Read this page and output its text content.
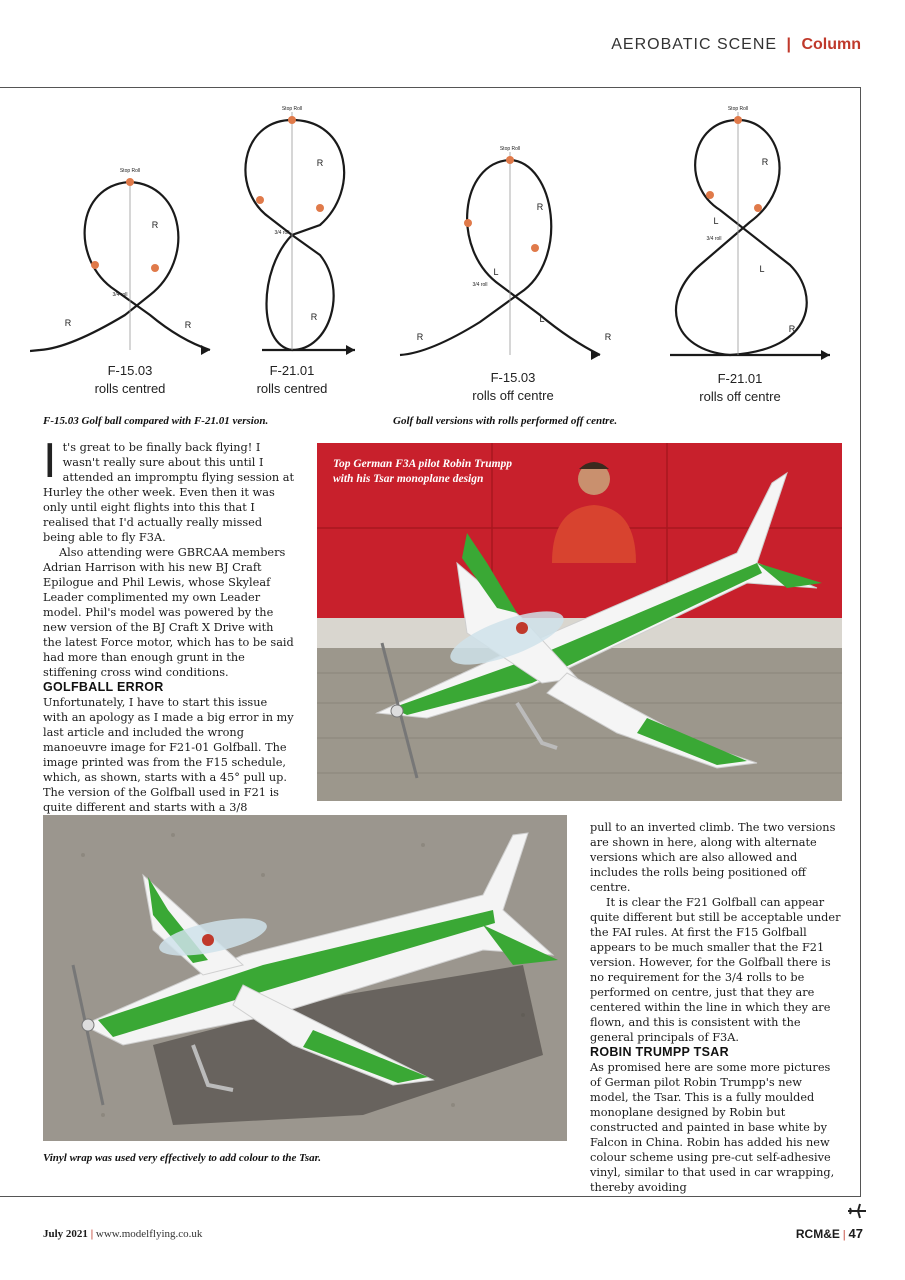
AEROBATIC SCENE | Column
R
R	R
R
R
R
R	R
R
R
L
L
L
L
Stop Roll
Stop Roll
Stop Roll
Stop Roll
3/4 roll
3/4 roll
3/4 roll
3/4 roll
F-15.03
rolls centred
F-21.01
rolls centred
F-15.03
rolls off centre
F-21.01
rolls off centre
F-15.03 Golf ball compared with F-21.01 version.	Golf ball versions with rolls performed off centre.

I t's great to be finally back flying! I wasn't really sure about this until I attended an impromptu flying session at Hurley the other week. Even then it was only until eight flights into this that I realised that I'd actually really missed being able to fly F3A.

Also attending were GBRCAA members Adrian Harrison with his new BJ Craft Epilogue and Phil Lewis, whose Skyleaf Leader complimented my own Leader model. Phil's model was powered by the new version of the BJ Craft X Drive with the latest Force motor, which has to be said had more than enough grunt in the stiffening cross wind conditions.

GOLFBALL ERROR

Unfortunately, I have to start this issue with an apology as I made a big error in my last article and included the wrong manoeuvre image for F21-01 Golfball. The image printed was from the F15 schedule, which, as shown, starts with a 45° pull up. The version of the Golfball used in F21 is quite different and starts with a 3/8

Top German F3A pilot Robin Trumpp
with his Tsar monoplane design
Vinyl wrap was used very effectively to add colour to the Tsar.

pull to an inverted climb. The two versions are shown in here, along with alternate versions which are also allowed and includes the rolls being positioned off centre.

It is clear the F21 Golfball can appear quite different but still be acceptable under the FAI rules. At first the F15 Golfball appears to be much smaller that the F21 version. However, for the Golfball there is no requirement for the 3/4 rolls to be performed on centre, just that they are centered within the line in which they are flown, and this is consistent with the general principals of F3A.

ROBIN TRUMPP TSAR

As promised here are some more pictures of German pilot Robin Trumpp's new model, the Tsar. This is a fully moulded monoplane designed by Robin but constructed and painted in base white by Falcon in China. Robin has added his new colour scheme using pre-cut self-adhesive vinyl, similar to that used in car wrapping, thereby avoiding

July 2021 | www.modelflying.co.uk	RCM&E | 47
